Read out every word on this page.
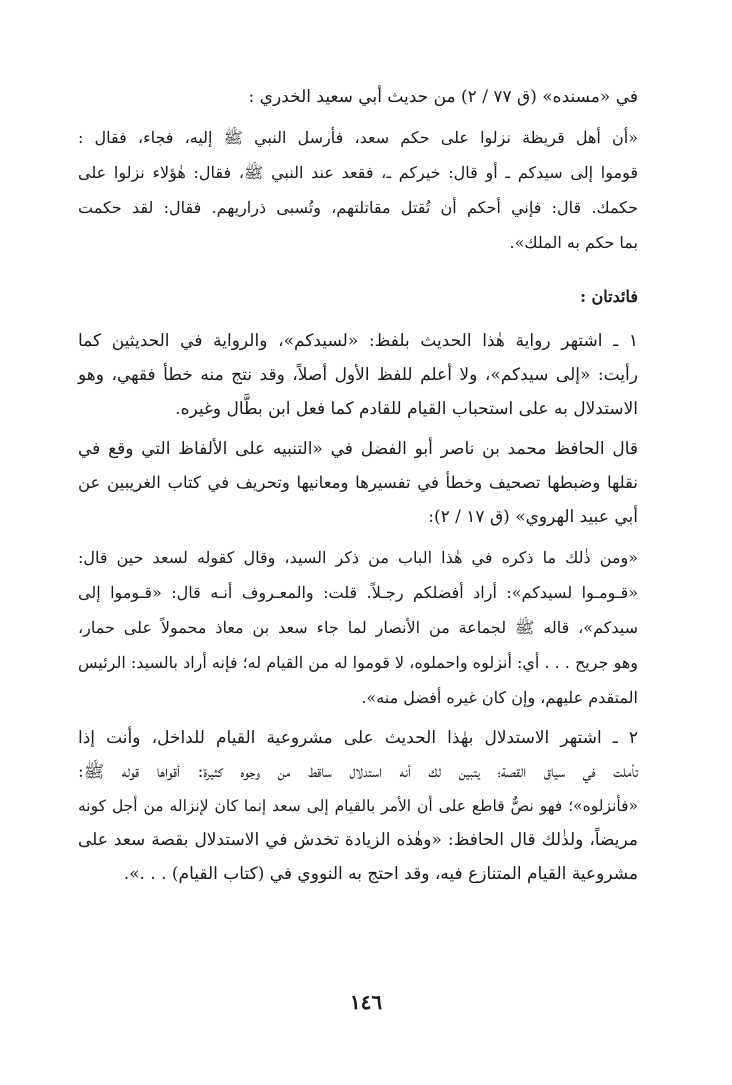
في «مسنده» (ق ٧٧ / ٢) من حديث أبي سعيد الخدري :
«أن أهل قريظة نزلوا على حكم سعد، فأرسل النبي ﷺ إليه، فجاء، فقال :
قوموا إلى سيدكم ـ أو قال: خيركم ـ، فقعد عند النبي ﷺ، فقال: هٰؤلاء نزلوا على
حكمك. قال: فإني أحكم أن تُقتل مقاتلتهم، وتُسبى ذراريهم. فقال: لقد حكمت
بما حكم به الملك».
فائدتان :
١ ـ اشتهر رواية هٰذا الحديث بلفظ: «لسيدكم»، والرواية في الحديثين كما
رأيت: «إلى سيدكم»، ولا أعلم للفظ الأول أصلاً، وقد نتج منه خطأ فقهي، وهو
الاستدلال به على استحباب القيام للقادم كما فعل ابن بطَّال وغيره.
قال الحافظ محمد بن ناصر أبو الفضل في «التنبيه على الألفاظ التي وقع في
نقلها وضبطها تصحيف وخطأ في تفسيرها ومعانيها وتحريف في كتاب الغريبين عن
أبي عبيد الهروي» (ق ١٧ / ٢):
«ومن ذٰلك ما ذكره في هٰذا الباب من ذكر السيد، وقال كقوله لسعد حين قال:
«قـومـوا لسيدكم»: أراد أفضلكم رجـلاً. قلت: والمعـروف أنـه قال: «قـوموا إلى
سيدكم»، قاله ﷺ لجماعة من الأنصار لما جاء سعد بن معاذ محمولاً على حمار،
وهو جريح . . . أي: أنزلوه واحملوه، لا قوموا له من القيام له؛ فإنه أراد بالسيد: الرئيس
المتقدم عليهم، وإن كان غيره أفضل منه».
٢ ـ اشتهر الاستدلال بهٰذا الحديث على مشروعية القيام للداخل، وأنت إذا
تأملت في سياق القصة؛ يتبين لك أنه استدلال ساقط من وجوه كثيرة: أقواها قوله ﷺ:
«فأنزلوه»؛ فهو نصٌّ قاطع على أن الأمر بالقيام إلى سعد إنما كان لإنزاله من أجل كونه
مريضاً، ولذٰلك قال الحافظ: «وهٰذه الزيادة تخدش في الاستدلال بقصة سعد على
مشروعية القيام المتنازع فيه، وقد احتج به النووي في (كتاب القيام) . . .».
١٤٦
